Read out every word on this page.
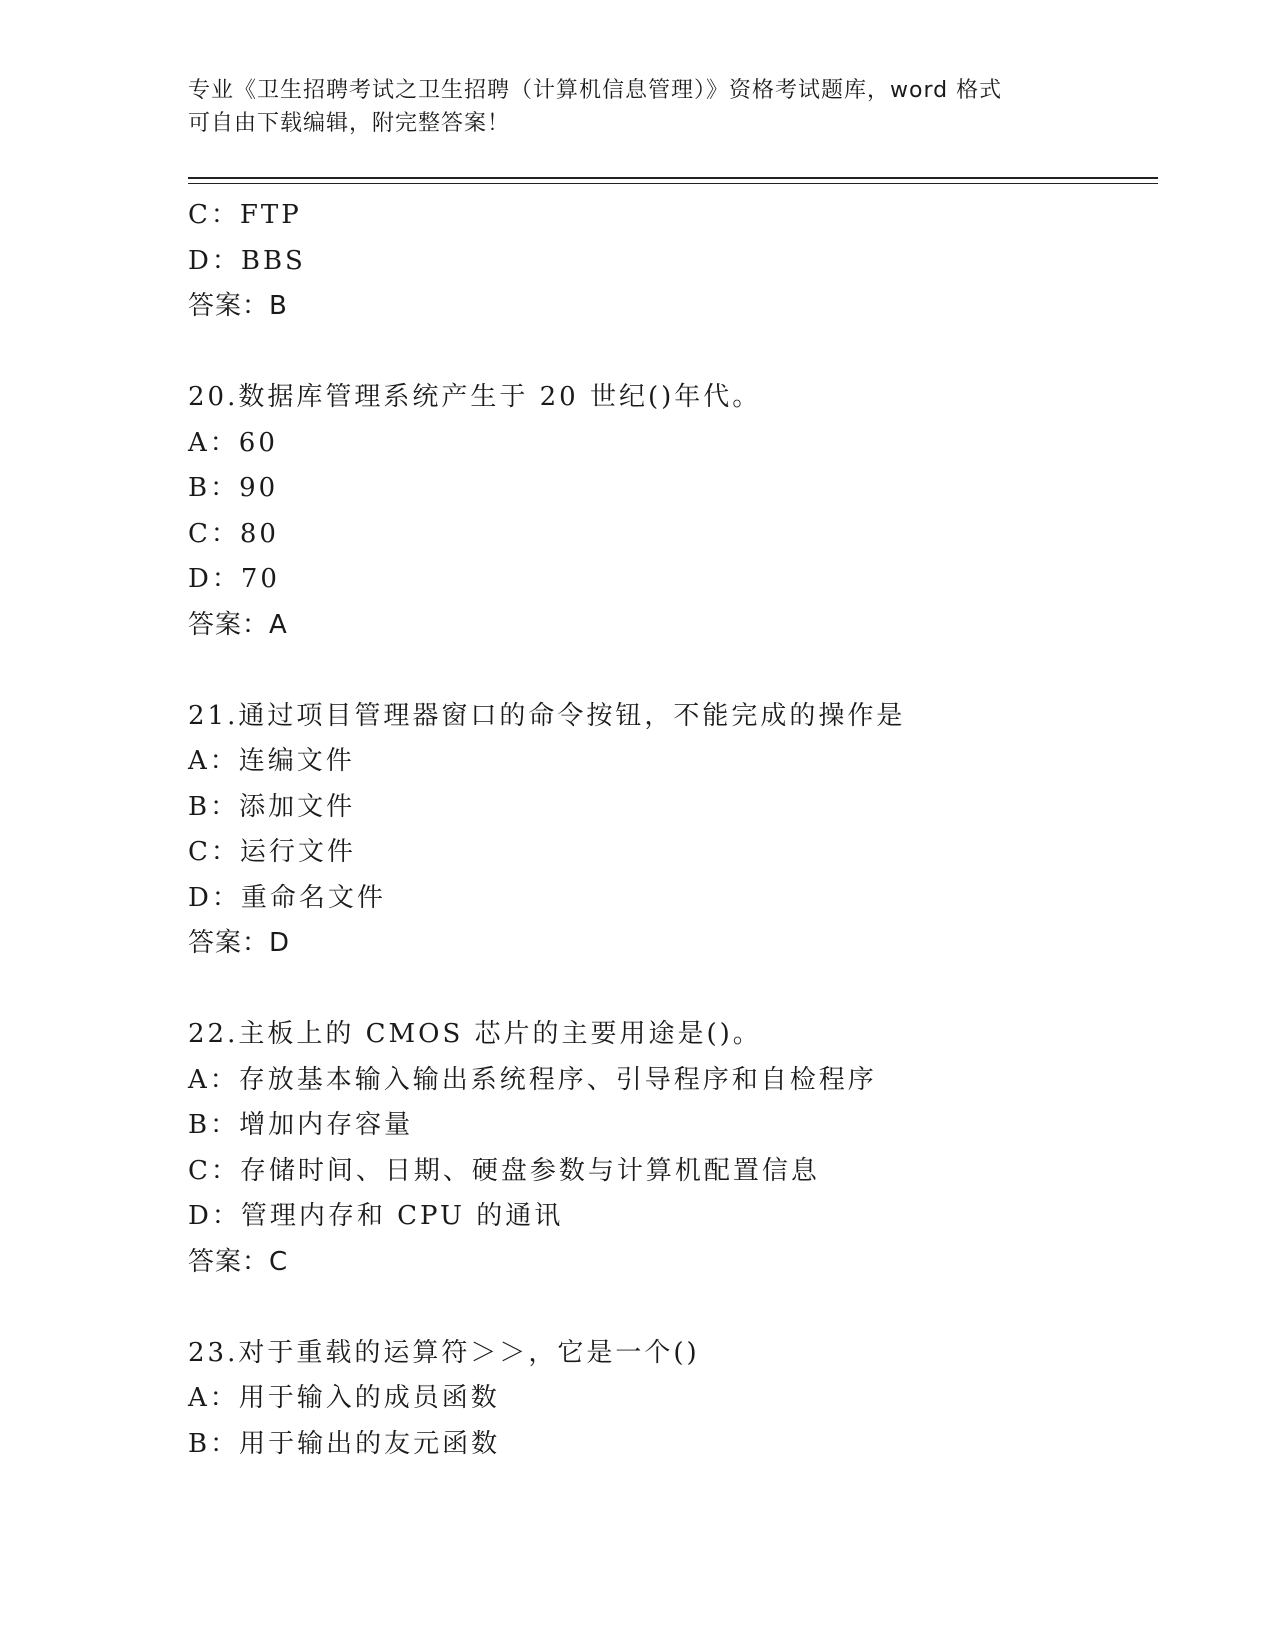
专业《卫生招聘考试之卫生招聘（计算机信息管理）》资格考试题库，word 格式
可自由下载编辑，附完整答案！
C：FTP
D：BBS
答案：B
20.数据库管理系统产生于 20 世纪()年代。
A：60
B：90
C：80
D：70
答案：A
21.通过项目管理器窗口的命令按钮，不能完成的操作是
A：连编文件
B：添加文件
C：运行文件
D：重命名文件
答案：D
22.主板上的 CMOS 芯片的主要用途是()。
A：存放基本输入输出系统程序、引导程序和自检程序
B：增加内存容量
C：存储时间、日期、硬盘参数与计算机配置信息
D：管理内存和 CPU 的通讯
答案：C
23.对于重载的运算符＞＞，它是一个()
A：用于输入的成员函数
B：用于输出的友元函数
